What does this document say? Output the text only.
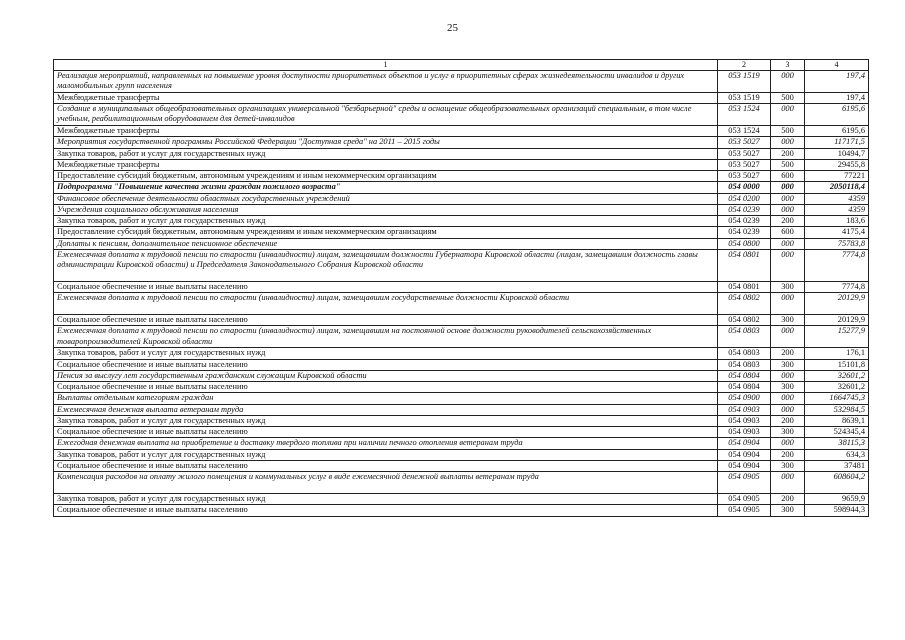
25
1	2	3	4
Реализация мероприятий, направленных на повышение уровня доступности приоритетных объектов и услуг в приоритетных сферах жизнедеятельности инвалидов и других маломобильных групп населения	053 1519	000	197,4
Межбюджетные трансферты	053 1519	500	197,4
Создание в муниципальных общеобразовательных организациях универсальной "безбарьерной" среды и оснащение общеобразовательных организаций специальным, в том числе учебным, реабилитационным оборудованием для детей-инвалидов	053 1524	000	6195,6
Межбюджетные трансферты	053 1524	500	6195,6
Мероприятия государственной программы Российской Федерации "Доступная среда" на 2011 – 2015 годы	053 5027	000	117171,5
Закупка товаров, работ и услуг для государственных нужд	053 5027	200	10494,7
Межбюджетные трансферты	053 5027	500	29455,8
Предоставление субсидий бюджетным, автономным учреждениям и иным некоммерческим организациям	053 5027	600	77221
Подпрограмма "Повышение качества жизни граждан пожилого возраста"	054 0000	000	2050118,4
Финансовое обеспечение деятельности областных государственных учреждений	054 0200	000	4359
Учреждения социального обслуживания населения	054 0239	000	4359
Закупка товаров, работ и услуг для государственных нужд	054 0239	200	183,6
Предоставление субсидий бюджетным, автономным учреждениям и иным некоммерческим организациям	054 0239	600	4175,4
Доплаты к пенсиям, дополнительное пенсионное обеспечение	054 0800	000	75783,8
Ежемесячная доплата к трудовой пенсии по старости (инвалидности) лицам, замещавшим должности Губернатора Кировской области (лицам, замещавшим должность главы администрации Кировской области) и Председателя Законодательного Собрания Кировской области	054 0801	000	7774,8
Социальное обеспечение и иные выплаты населению	054 0801	300	7774,8
Ежемесячная доплата к трудовой пенсии по старости (инвалидности) лицам, замещавшим государственные должности Кировской области	054 0802	000	20129,9
Социальное обеспечение и иные выплаты населению	054 0802	300	20129,9
Ежемесячная доплата к трудовой пенсии по старости (инвалидности) лицам, замещавшим на постоянной основе должности руководителей сельскохозяйственных товаропроизводителей Кировской области	054 0803	000	15277,9
Закупка товаров, работ и услуг для государственных нужд	054 0803	200	176,1
Социальное обеспечение и иные выплаты населению	054 0803	300	15101,8
Пенсия за выслугу лет государственным гражданским служащим Кировской области	054 0804	000	32601,2
Социальное обеспечение и иные выплаты населению	054 0804	300	32601,2
Выплаты отдельным категориям граждан	054 0900	000	1664745,3
Ежемесячная денежная выплата ветеранам труда	054 0903	000	532984,5
Закупка товаров, работ и услуг для государственных нужд	054 0903	200	8639,1
Социальное обеспечение и иные выплаты населению	054 0903	300	524345,4
Ежегодная денежная выплата на приобретение и доставку твердого топлива при наличии печного отопления ветеранам труда	054 0904	000	38115,3
Закупка товаров, работ и услуг для государственных нужд	054 0904	200	634,3
Социальное обеспечение и иные выплаты населению	054 0904	300	37481
Компенсация расходов на оплату жилого помещения и коммунальных услуг в виде ежемесячной денежной выплаты ветеранам труда	054 0905	000	608604,2
Закупка товаров, работ и услуг для государственных нужд	054 0905	200	9659,9
Социальное обеспечение и иные выплаты населению	054 0905	300	598944,3
